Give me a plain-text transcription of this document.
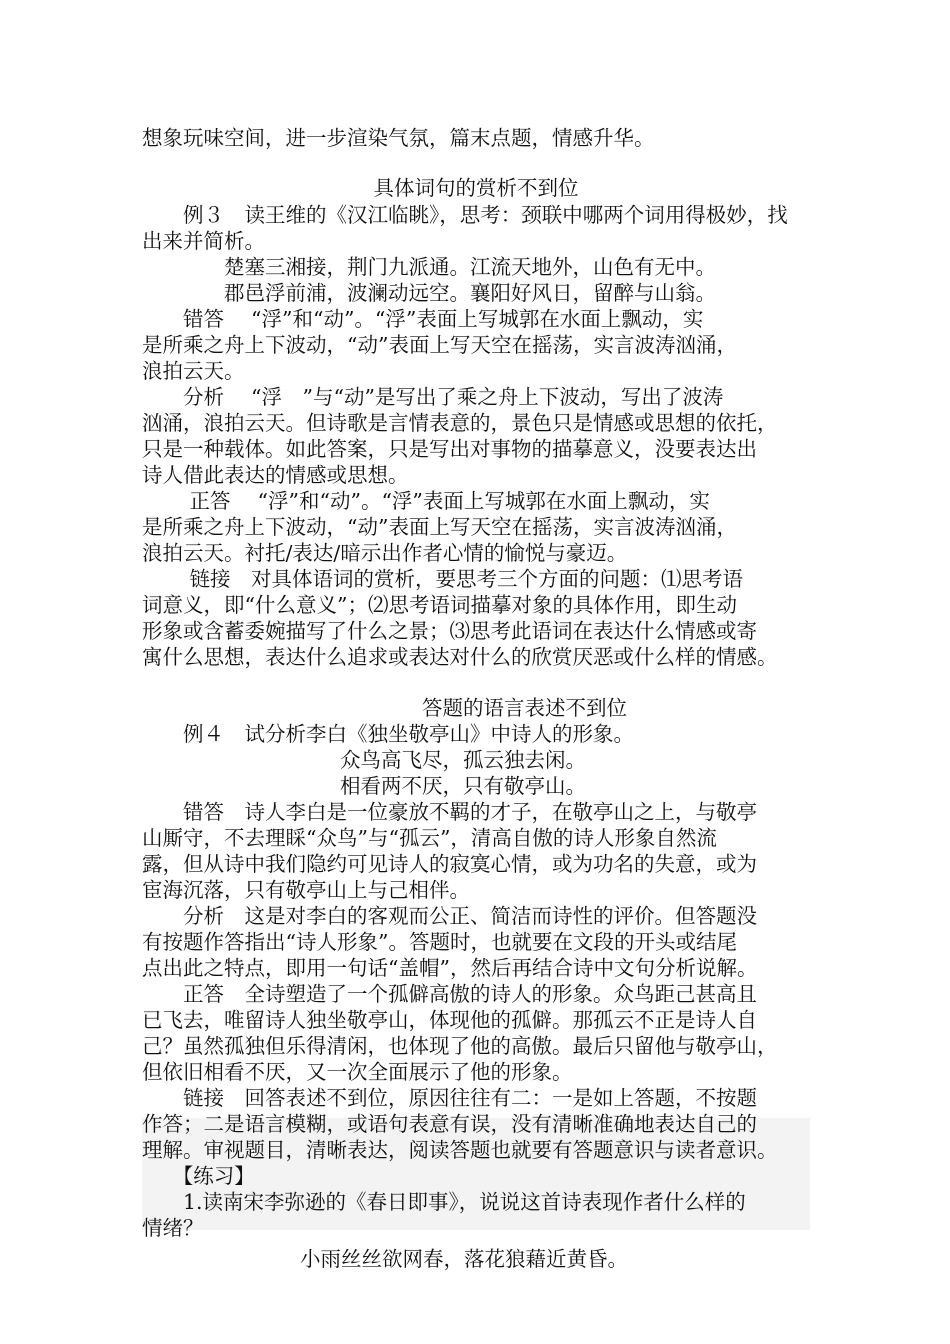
想象玩味空间，进一步渲染气氛，篇末点题，情感升华。
具体词句的赏析不到位
　　例３　读王维的《汉江临眺》，思考：颈联中哪两个词用得极妙，找
出来并简析。
　　　　楚塞三湘接，荆门九派通。江流天地外，山色有无中。
　　　　郡邑浮前浦，波澜动远空。襄阳好风日，留醉与山翁。
　　错答　 “浮”和“动”。“浮”表面上写城郭在水面上飘动，实
是所乘之舟上下波动，“动”表面上写天空在摇荡，实言波涛汹涌，
浪拍云天。
　　分析　 “浮　”与“动”是写出了乘之舟上下波动，写出了波涛
汹涌，浪拍云天。但诗歌是言情表意的，景色只是情感或思想的依托，
只是一种载体。如此答案，只是写出对事物的描摹意义，没要表达出
诗人借此表达的情感或思想。
　　 正答　 “浮”和“动”。“浮”表面上写城郭在水面上飘动，实
是所乘之舟上下波动，“动”表面上写天空在摇荡，实言波涛汹涌，
浪拍云天。衬托/表达/暗示出作者心情的愉悦与豪迈。
　　 链接　对具体语词的赏析，要思考三个方面的问题：⑴思考语
词意义，即“什么意义”；⑵思考语词描摹对象的具体作用，即生动
形象或含蓄委婉描写了什么之景；⑶思考此语词在表达什么情感或寄
寓什么思想，表达什么追求或表达对什么的欣赏厌恶或什么样的情感。
答题的语言表述不到位
　　例４　试分析李白《独坐敬亭山》中诗人的形象。
众鸟高飞尽，孤云独去闲。
相看两不厌，只有敬亭山。
　　错答　诗人李白是一位豪放不羁的才子，在敬亭山之上，与敬亭
山厮守，不去理睬“众鸟”与“孤云”，清高自傲的诗人形象自然流
露，但从诗中我们隐约可见诗人的寂寞心情，或为功名的失意，或为
宦海沉落，只有敬亭山上与己相伴。
　　分析　这是对李白的客观而公正、简洁而诗性的评价。但答题没
有按题作答指出“诗人形象”。答题时，也就要在文段的开头或结尾
点出此之特点，即用一句话“盖帽”，然后再结合诗中文句分析说解。
　　正答　全诗塑造了一个孤僻高傲的诗人的形象。众鸟距己甚高且
已飞去，唯留诗人独坐敬亭山，体现他的孤僻。那孤云不正是诗人自
己？虽然孤独但乐得清闲，也体现了他的高傲。最后只留他与敬亭山，
但依旧相看不厌，又一次全面展示了他的形象。
　　链接　回答表述不到位，原因往往有二：一是如上答题，不按题
作答；二是语言模糊，或语句表意有误，没有清晰准确地表达自己的
理解。审视题目，清晰表达，阅读答题也就要有答题意识与读者意识。
　　【练习】
　　1.读南宋李弥逊的《春日即事》，说说这首诗表现作者什么样的
情绪？
小雨丝丝欲网春，落花狼藉近黄昏。
